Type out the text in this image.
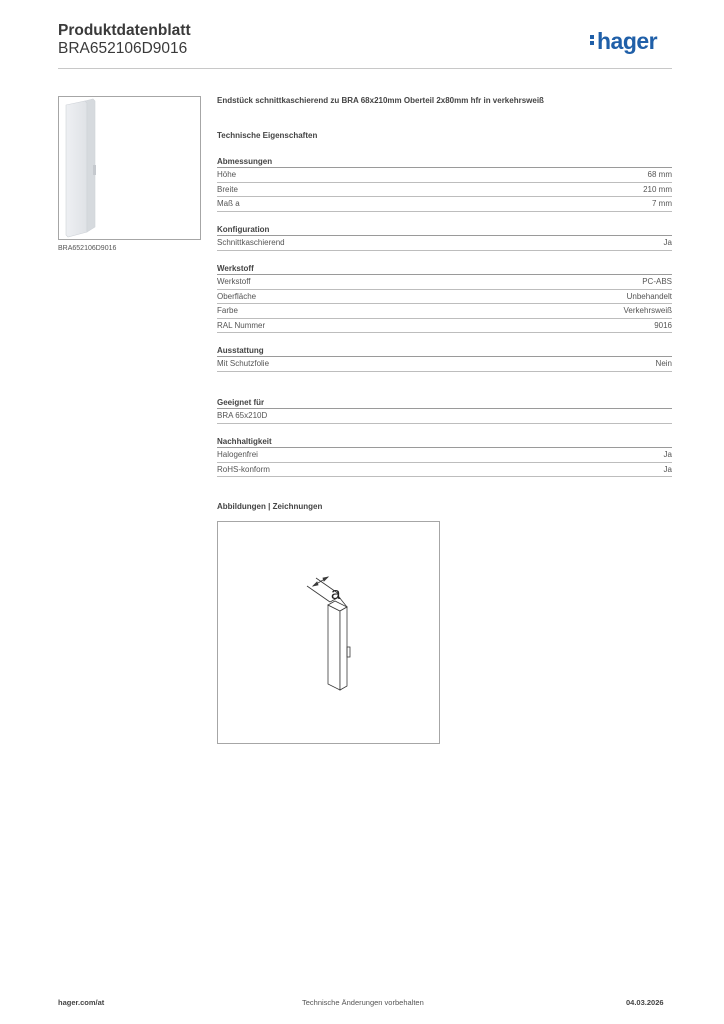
Produktdatenblatt
BRA652106D9016	hager
BRA652106D9016
Endstück schnittkaschierend zu BRA 68x210mm Oberteil 2x80mm hfr in verkehrsweiß
Technische Eigenschaften
Abmessungen
Höhe	68 mm
Breite	210 mm
Maß a	7 mm
Konfiguration
Schnittkaschierend	Ja
Werkstoff
Werkstoff	PC-ABS
Oberfläche	Unbehandelt
Farbe	Verkehrsweiß
RAL Nummer	9016
Ausstattung
Mit Schutzfolie	Nein
Geeignet für
BRA 65x210D
Nachhaltigkeit
Halogenfrei	Ja
RoHS-konform	Ja
Abbildungen | Zeichnungen
a
hager.com/at	Technische Änderungen vorbehalten	04.03.2026
